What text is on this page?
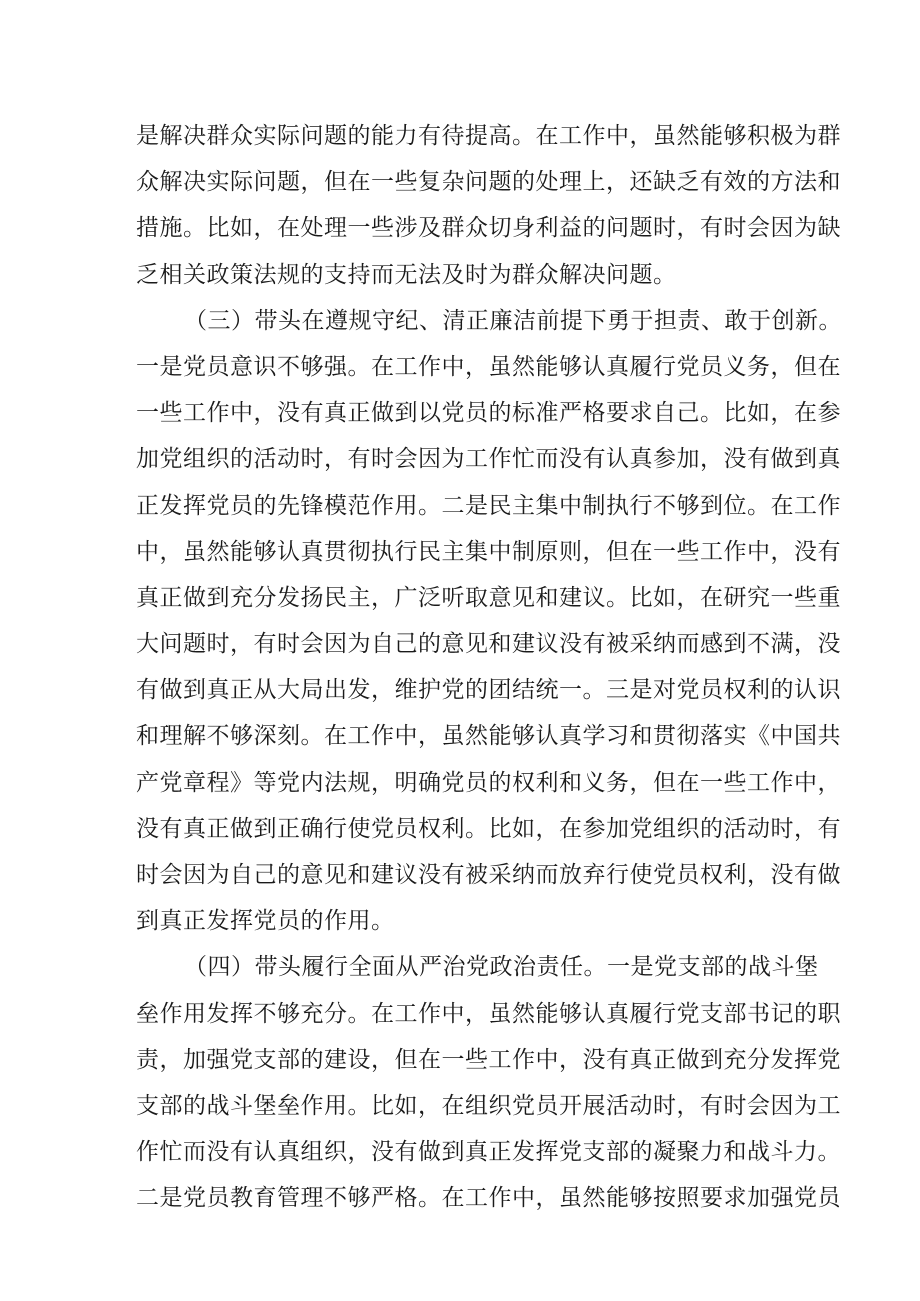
是解决群众实际问题的能力有待提高。在工作中，虽然能够积极为群
众解决实际问题，但在一些复杂问题的处理上，还缺乏有效的方法和
措施。比如，在处理一些涉及群众切身利益的问题时，有时会因为缺
乏相关政策法规的支持而无法及时为群众解决问题。
（三）带头在遵规守纪、清正廉洁前提下勇于担责、敢于创新。
一是党员意识不够强。在工作中，虽然能够认真履行党员义务，但在
一些工作中，没有真正做到以党员的标准严格要求自己。比如，在参
加党组织的活动时，有时会因为工作忙而没有认真参加，没有做到真
正发挥党员的先锋模范作用。二是民主集中制执行不够到位。在工作
中，虽然能够认真贯彻执行民主集中制原则，但在一些工作中，没有
真正做到充分发扬民主，广泛听取意见和建议。比如，在研究一些重
大问题时，有时会因为自己的意见和建议没有被采纳而感到不满，没
有做到真正从大局出发，维护党的团结统一。三是对党员权利的认识
和理解不够深刻。在工作中，虽然能够认真学习和贯彻落实《中国共
产党章程》等党内法规，明确党员的权利和义务，但在一些工作中，
没有真正做到正确行使党员权利。比如，在参加党组织的活动时，有
时会因为自己的意见和建议没有被采纳而放弃行使党员权利，没有做
到真正发挥党员的作用。
（四）带头履行全面从严治党政治责任。一是党支部的战斗堡
垒作用发挥不够充分。在工作中，虽然能够认真履行党支部书记的职
责，加强党支部的建设，但在一些工作中，没有真正做到充分发挥党
支部的战斗堡垒作用。比如，在组织党员开展活动时，有时会因为工
作忙而没有认真组织，没有做到真正发挥党支部的凝聚力和战斗力。
二是党员教育管理不够严格。在工作中，虽然能够按照要求加强党员
